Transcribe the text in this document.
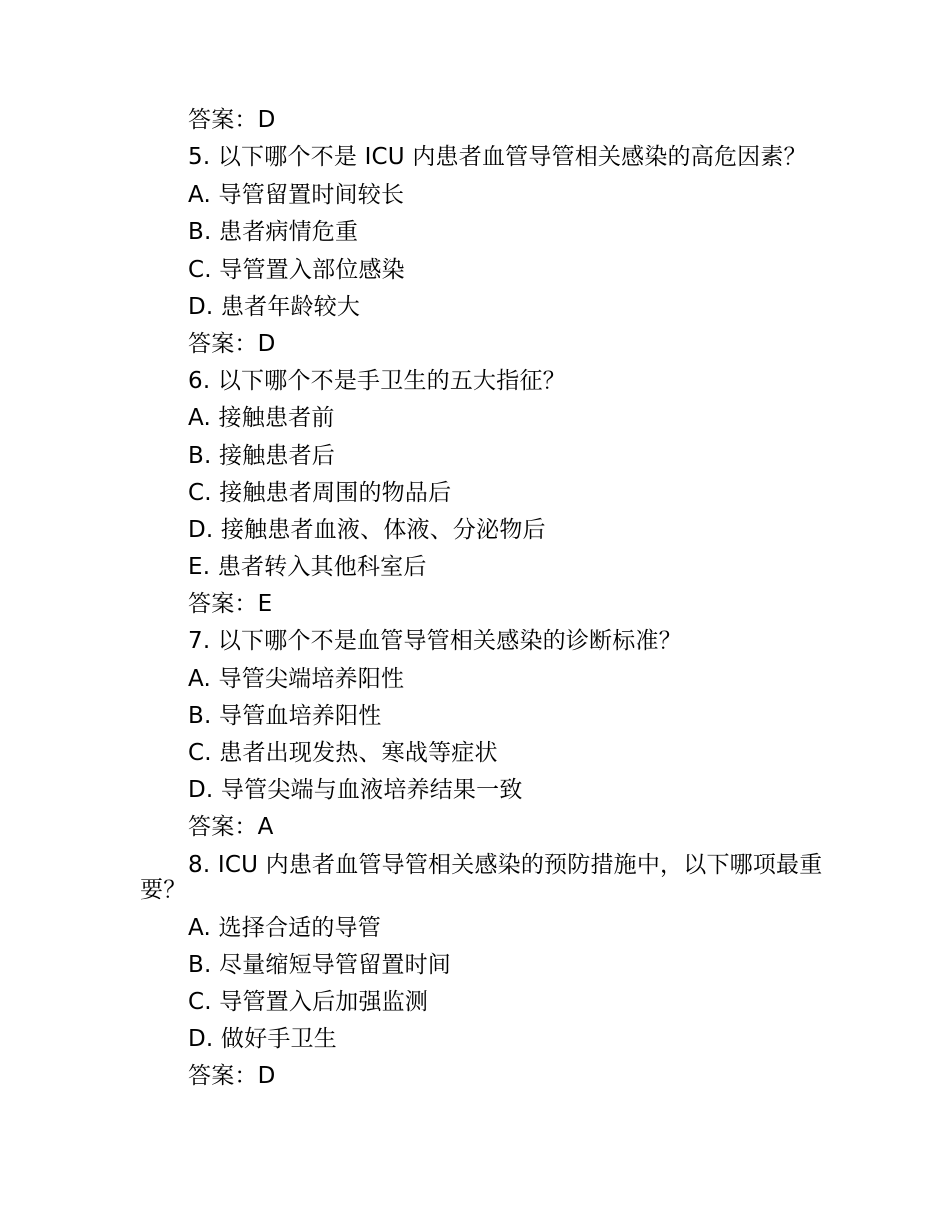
答案：D
5. 以下哪个不是 ICU 内患者血管导管相关感染的高危因素？
A. 导管留置时间较长
B. 患者病情危重
C. 导管置入部位感染
D. 患者年龄较大
答案：D
6. 以下哪个不是手卫生的五大指征？
A. 接触患者前
B. 接触患者后
C. 接触患者周围的物品后
D. 接触患者血液、体液、分泌物后
E. 患者转入其他科室后
答案：E
7. 以下哪个不是血管导管相关感染的诊断标准？
A. 导管尖端培养阳性
B. 导管血培养阳性
C. 患者出现发热、寒战等症状
D. 导管尖端与血液培养结果一致
答案：A
8. ICU 内患者血管导管相关感染的预防措施中，以下哪项最重要？
A. 选择合适的导管
B. 尽量缩短导管留置时间
C. 导管置入后加强监测
D. 做好手卫生
答案：D
